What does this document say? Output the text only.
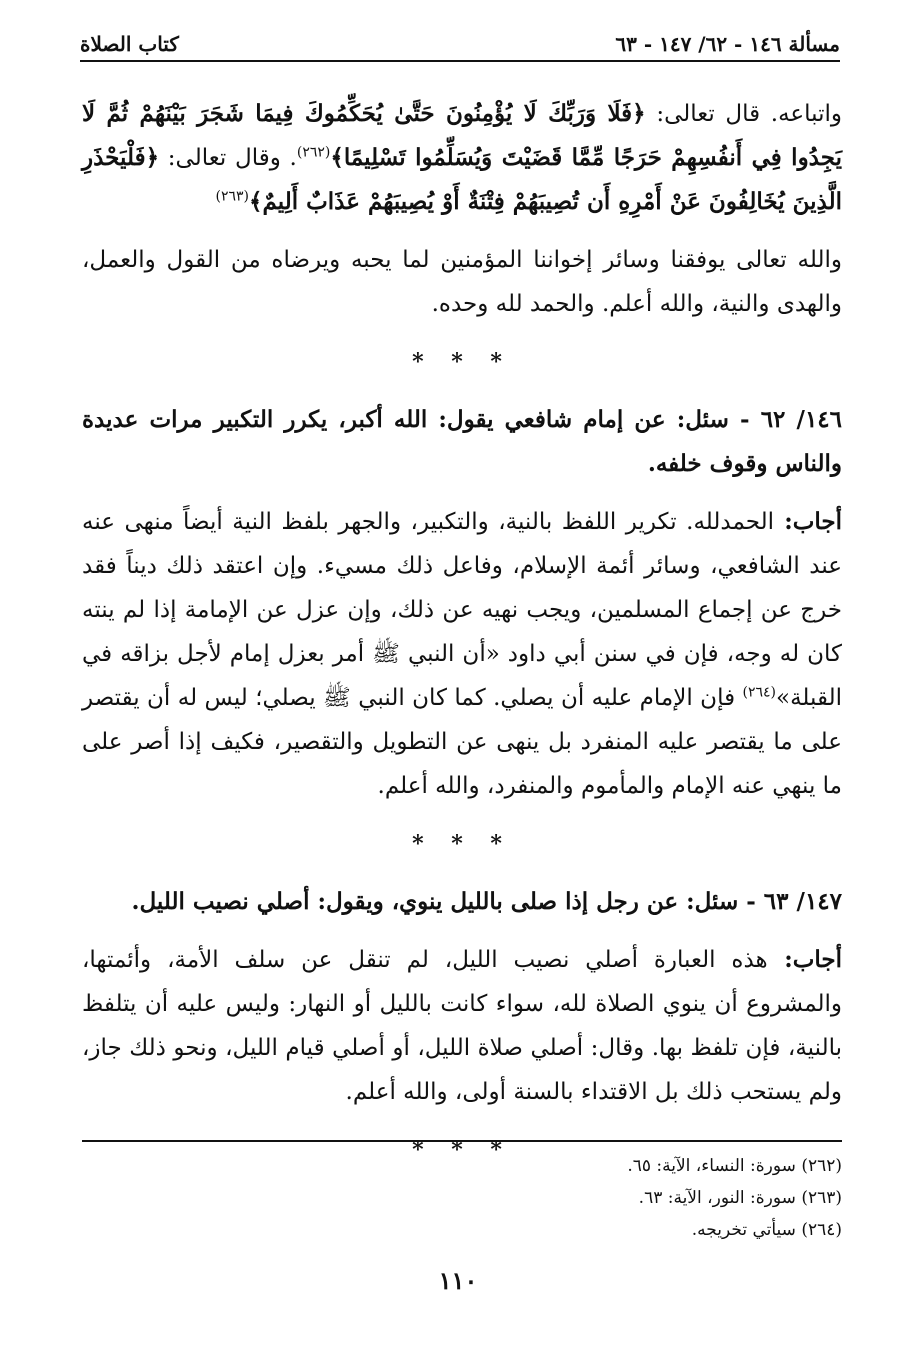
مسألة ١٤٦ - ٦٢/ ١٤٧ - ٦٣
كتاب الصلاة

واتباعه. قال تعالى: ﴿فَلَا وَرَبِّكَ لَا يُؤْمِنُونَ حَتَّىٰ يُحَكِّمُوكَ فِيمَا شَجَرَ بَيْنَهُمْ ثُمَّ لَا يَجِدُوا فِي أَنفُسِهِمْ حَرَجًا مِّمَّا قَضَيْتَ وَيُسَلِّمُوا تَسْلِيمًا﴾$^{(٢٦٢)}$. وقال تعالى: ﴿فَلْيَحْذَرِ الَّذِينَ يُخَالِفُونَ عَنْ أَمْرِهِ أَن تُصِيبَهُمْ فِتْنَةٌ أَوْ يُصِيبَهُمْ عَذَابٌ أَلِيمٌ﴾$^{(٢٦٣)}$

والله تعالى يوفقنا وسائر إخواننا المؤمنين لما يحبه ويرضاه من القول والعمل، والهدى والنية، والله أعلم. والحمد لله وحده.

* * *

١٤٦/ ٦٢ - سئل: عن إمام شافعي يقول: الله أكبر، يكرر التكبير مرات عديدة والناس وقوف خلفه.

أجاب: الحمدلله. تكرير اللفظ بالنية، والتكبير، والجهر بلفظ النية أيضاً منهى عنه عند الشافعي، وسائر أئمة الإسلام، وفاعل ذلك مسيء. وإن اعتقد ذلك ديناً فقد خرج عن إجماع المسلمين، ويجب نهيه عن ذلك، وإن عزل عن الإمامة إذا لم ينته كان له وجه، فإن في سنن أبي داود «أن النبي ﷺ أمر بعزل إمام لأجل بزاقه في القبلة»$^{(٢٦٤)}$ فإن الإمام عليه أن يصلي. كما كان النبي ﷺ يصلي؛ ليس له أن يقتصر على ما يقتصر عليه المنفرد بل ينهى عن التطويل والتقصير، فكيف إذا أصر على ما ينهي عنه الإمام والمأموم والمنفرد، والله أعلم.

* * *

١٤٧/ ٦٣ - سئل: عن رجل إذا صلى بالليل ينوي، ويقول: أصلي نصيب الليل.

أجاب: هذه العبارة أصلي نصيب الليل، لم تنقل عن سلف الأمة، وأئمتها، والمشروع أن ينوي الصلاة لله، سواء كانت بالليل أو النهار: وليس عليه أن يتلفظ بالنية، فإن تلفظ بها. وقال: أصلي صلاة الليل، أو أصلي قيام الليل، ونحو ذلك جاز، ولم يستحب ذلك بل الاقتداء بالسنة أولى، والله أعلم.

* * *
(٢٦٢) سورة: النساء، الآية: ٦٥.
(٢٦٣) سورة: النور، الآية: ٦٣.
(٢٦٤) سيأتي تخريجه.
١١٠
